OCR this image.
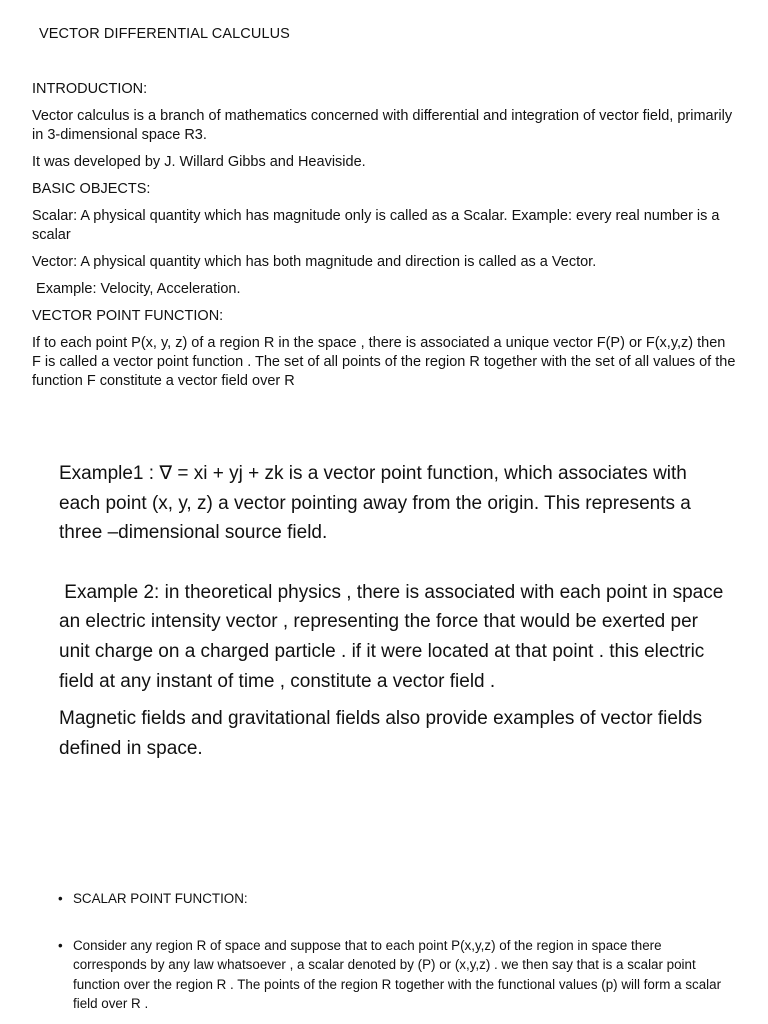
VECTOR DIFFERENTIAL CALCULUS

INTRODUCTION:

Vector calculus is a branch of mathematics concerned with differential and integration of vector field, primarily in 3-dimensional space R3.

It was developed by J. Willard Gibbs and Heaviside.

BASIC OBJECTS:

Scalar: A physical quantity which has magnitude only is called as a Scalar. Example: every real number is a scalar

Vector: A physical quantity which has both magnitude and direction is called as a Vector.

Example: Velocity, Acceleration.

VECTOR POINT FUNCTION:

If to each point P(x, y, z) of a region R in the space , there is associated a unique vector F(P) or F(x,y,z) then F is called a vector point function . The set of all points of the region R together with the set of all values of the function F constitute a vector field over R

Example1 : ∇ = xi + yj + zk is a vector point function, which associates with each point (x, y, z) a vector pointing away from the origin. This represents a three –dimensional source field.

Example 2: in theoretical physics , there is associated with each point in space an electric intensity vector , representing the force that would be exerted per unit charge on a charged particle . if it were located at that point . this electric field at any instant of time , constitute a vector field .

Magnetic fields and gravitational fields also provide examples of vector fields defined in space.

• SCALAR POINT FUNCTION:
• Consider any region R of space and suppose that to each point P(x,y,z) of the region in space there corresponds by any law whatsoever , a scalar denoted by (P) or (x,y,z) . we then say that is a scalar point function over the region R . The points of the region R together with the functional values (p) will form a scalar field over R .
